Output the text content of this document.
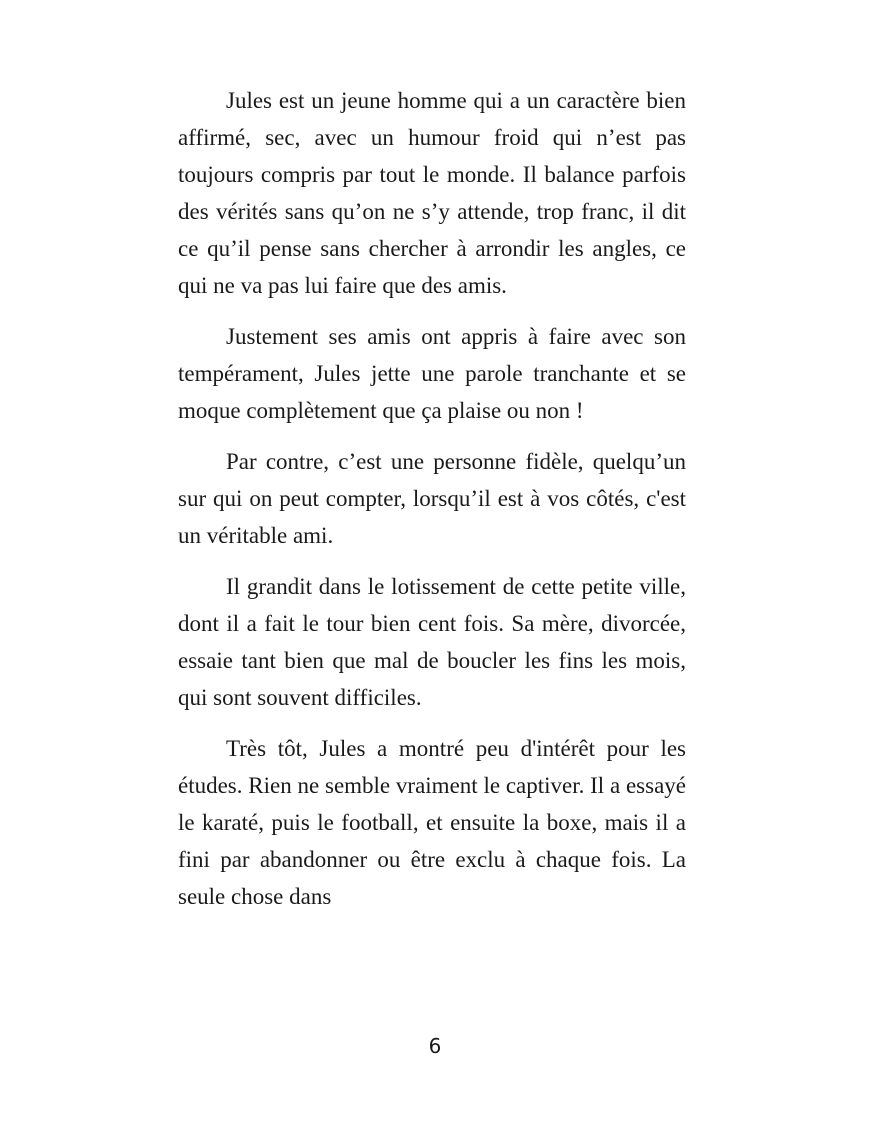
Jules est un jeune homme qui a un caractère bien affirmé, sec, avec un humour froid qui n’est pas toujours compris par tout le monde. Il balance parfois des vérités sans qu’on ne s’y attende, trop franc, il dit ce qu’il pense sans chercher à arrondir les angles, ce qui ne va pas lui faire que des amis.

Justement ses amis ont appris à faire avec son tempérament, Jules jette une parole tranchante et se moque complètement que ça plaise ou non !

Par contre, c’est une personne fidèle, quelqu’un sur qui on peut compter, lorsqu’il est à vos côtés, c'est un véritable ami.

Il grandit dans le lotissement de cette petite ville, dont il a fait le tour bien cent fois. Sa mère, divorcée, essaie tant bien que mal de boucler les fins les mois, qui sont souvent difficiles.

Très tôt, Jules a montré peu d'intérêt pour les études. Rien ne semble vraiment le captiver. Il a essayé le karaté, puis le football, et ensuite la boxe, mais il a fini par abandonner ou être exclu à chaque fois. La seule chose dans

6
